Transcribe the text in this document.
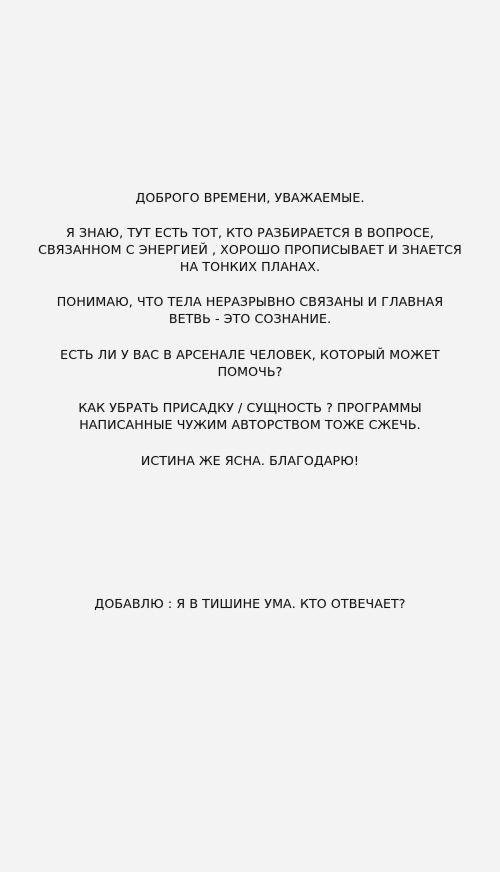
ДОБРОГО ВРЕМЕНИ, УВАЖАЕМЫЕ.
Я ЗНАЮ, ТУТ ЕСТЬ ТОТ, КТО РАЗБИРАЕТСЯ В ВОПРОСЕ,
СВЯЗАННОМ С ЭНЕРГИЕЙ , ХОРОШО ПРОПИСЫВАЕТ И ЗНАЕТСЯ
НА ТОНКИХ ПЛАНАХ.
ПОНИМАЮ, ЧТО ТЕЛА НЕРАЗРЫВНО СВЯЗАНЫ И ГЛАВНАЯ
ВЕТВЬ - ЭТО СОЗНАНИЕ.
ЕСТЬ ЛИ У ВАС В АРСЕНАЛЕ ЧЕЛОВЕК, КОТОРЫЙ МОЖЕТ
ПОМОЧЬ?
КАК УБРАТЬ ПРИСАДКУ / СУЩНОСТЬ ? ПРОГРАММЫ
НАПИСАННЫЕ ЧУЖИМ АВТОРСТВОМ ТОЖЕ СЖЕЧЬ.
ИСТИНА ЖЕ ЯСНА. БЛАГОДАРЮ!
ДОБАВЛЮ : Я В ТИШИНЕ УМА. КТО ОТВЕЧАЕТ?
